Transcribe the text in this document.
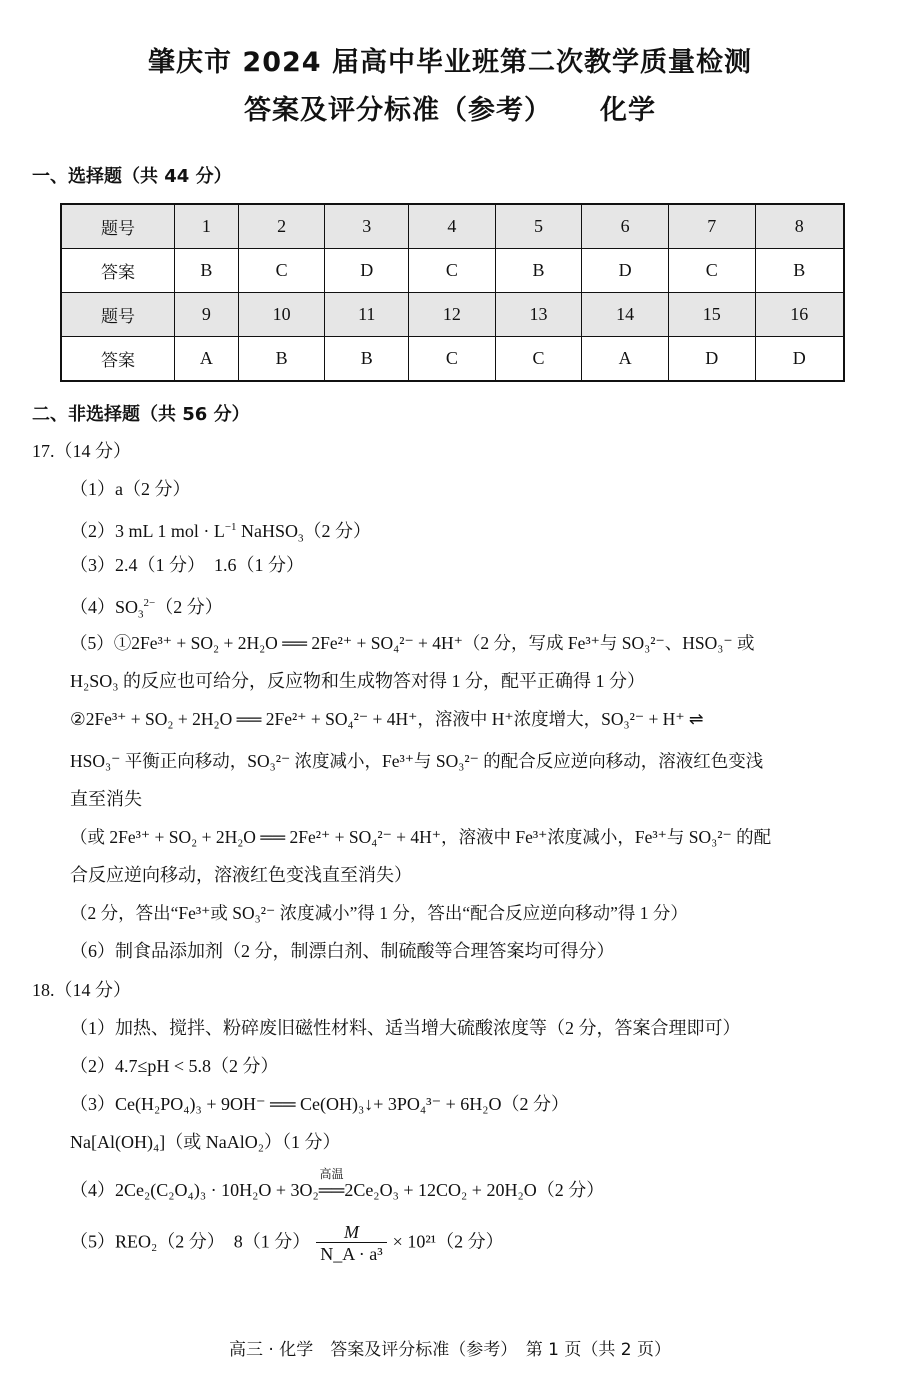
肇庆市 2024 届高中毕业班第二次教学质量检测
答案及评分标准（参考） 化学
一、选择题（共 44 分）
题号	1	2	3	4	5	6	7	8
答案	B	C	D	C	B	D	C	B
题号	9	10	11	12	13	14	15	16
答案	A	B	B	C	C	A	D	D
二、非选择题（共 56 分）
17.（14 分）
（1）a（2 分）
（2）3 mL 1 mol · $L^{-1}$ NaHSO$_3$（2 分）
（3）2.4（1 分）　1.6（1 分）
$(4)SO_3^{2-}(2$ 分）
（5）①2Fe³⁺ + SO₂ + 2H₂O ══ 2Fe²⁺ + SO₄²⁻ + 4H⁺（2 分，写成 Fe³⁺与 SO₃²⁻、HSO₃⁻ 或
H₂SO₃ 的反应也可给分，反应物和生成物答对得 1 分，配平正确得 1 分）
②2Fe³⁺ + SO₂ + 2H₂O ══ 2Fe²⁺ + SO₄²⁻ + 4H⁺，溶液中 H⁺浓度增大，SO₃²⁻ + H⁺ ⇌
HSO₃⁻ 平衡正向移动，SO₃²⁻ 浓度减小，Fe³⁺与 SO₃²⁻ 的配合反应逆向移动，溶液红色变浅
直至消失
（或 2Fe³⁺ + SO₂ + 2H₂O ══ 2Fe²⁺ + SO₄²⁻ + 4H⁺，溶液中 Fe³⁺浓度减小，Fe³⁺与 SO₃²⁻ 的配
合反应逆向移动，溶液红色变浅直至消失）
（2 分，答出“Fe³⁺或 SO₃²⁻ 浓度减小”得 1 分，答出“配合反应逆向移动”得 1 分）
（6）制食品添加剂（2 分，制漂白剂、制硫酸等合理答案均可得分）
18.（14 分）
（1）加热、搅拌、粉碎废旧磁性材料、适当增大硫酸浓度等（2 分，答案合理即可）
（2）4.7≤pH < 5.8（2 分）
（3）Ce(H₂PO₄)₃ + 9OH⁻ ══ Ce(OH)₃↓+ 3PO₄³⁻ + 6H₂O（2 分）
Na[Al(OH)₄]（或 NaAlO₂）（1 分）
（4）2Ce₂(C₂O₄)₃ · 10H₂O + 3O₂
高温
══2Ce₂O₃ + 12CO₂ + 20H₂O（2 分）
（5）REO₂（2 分）　8（1 分） $\frac{M}{\text{N\_A · a³}} \times 10^{21}(2$ 分）
高三 · 化学　答案及评分标准（参考）　第 1 页（共 2 页）
